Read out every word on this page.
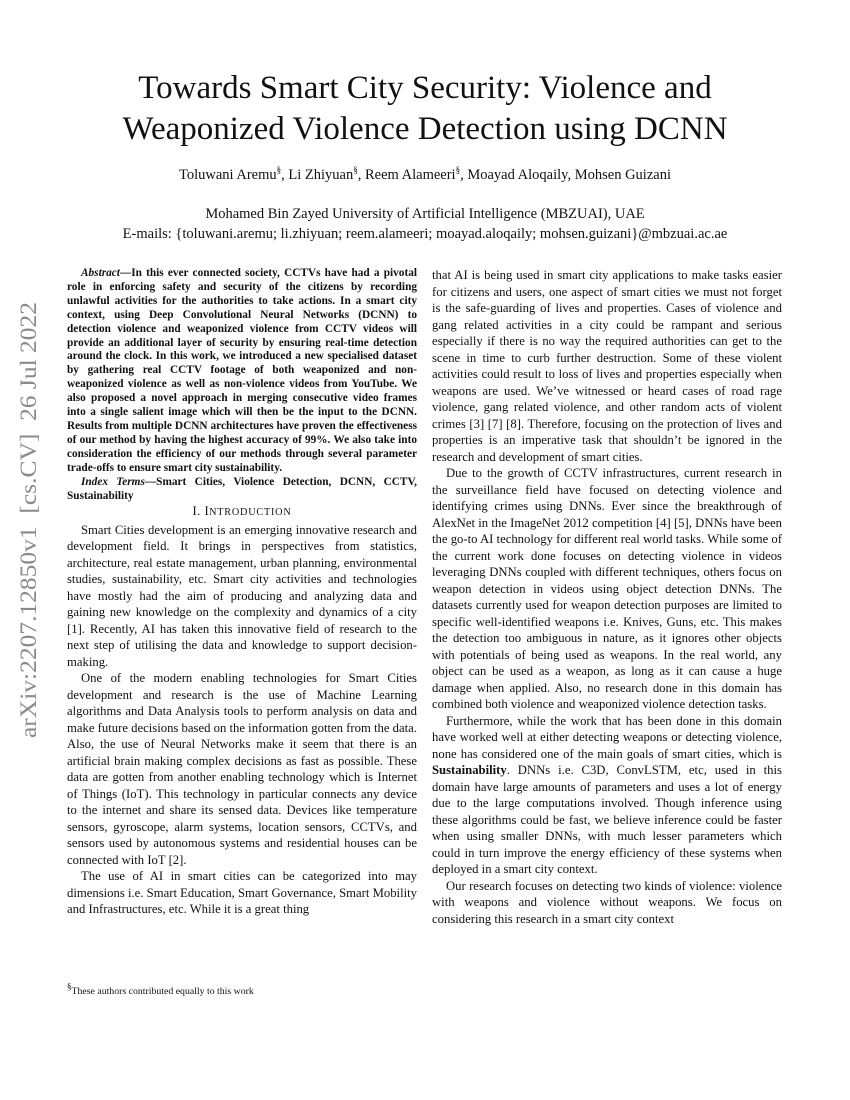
arXiv:2207.12850v1  [cs.CV]  26 Jul 2022
Towards Smart City Security: Violence and Weaponized Violence Detection using DCNN

Toluwani Aremu§, Li Zhiyuan§, Reem Alameeri§, Moayad Aloqaily, Mohsen Guizani

Mohamed Bin Zayed University of Artificial Intelligence (MBZUAI), UAE
E-mails: {toluwani.aremu; li.zhiyuan; reem.alameeri; moayad.aloqaily; mohsen.guizani}@mbzuai.ac.ae

Abstract—In this ever connected society, CCTVs have had a pivotal role in enforcing safety and security of the citizens by recording unlawful activities for the authorities to take actions. In a smart city context, using Deep Convolutional Neural Networks (DCNN) to detection violence and weaponized violence from CCTV videos will provide an additional layer of security by ensuring real-time detection around the clock. In this work, we introduced a new specialised dataset by gathering real CCTV footage of both weaponized and non-weaponized violence as well as non-violence videos from YouTube. We also proposed a novel approach in merging consecutive video frames into a single salient image which will then be the input to the DCNN. Results from multiple DCNN architectures have proven the effectiveness of our method by having the highest accuracy of 99%. We also take into consideration the efficiency of our methods through several parameter trade-offs to ensure smart city sustainability.

Index Terms—Smart Cities, Violence Detection, DCNN, CCTV, Sustainability

I. INTRODUCTION

Smart Cities development is an emerging innovative research and development field. It brings in perspectives from statistics, architecture, real estate management, urban planning, environmental studies, sustainability, etc. Smart city activities and technologies have mostly had the aim of producing and analyzing data and gaining new knowledge on the complexity and dynamics of a city [1]. Recently, AI has taken this innovative field of research to the next step of utilising the data and knowledge to support decision-making.

One of the modern enabling technologies for Smart Cities development and research is the use of Machine Learning algorithms and Data Analysis tools to perform analysis on data and make future decisions based on the information gotten from the data. Also, the use of Neural Networks make it seem that there is an artificial brain making complex decisions as fast as possible. These data are gotten from another enabling technology which is Internet of Things (IoT). This technology in particular connects any device to the internet and share its sensed data. Devices like temperature sensors, gyroscope, alarm systems, location sensors, CCTVs, and sensors used by autonomous systems and residential houses can be connected with IoT [2].

The use of AI in smart cities can be categorized into may dimensions i.e. Smart Education, Smart Governance, Smart Mobility and Infrastructures, etc. While it is a great thing

§These authors contributed equally to this work

that AI is being used in smart city applications to make tasks easier for citizens and users, one aspect of smart cities we must not forget is the safe-guarding of lives and properties. Cases of violence and gang related activities in a city could be rampant and serious especially if there is no way the required authorities can get to the scene in time to curb further destruction. Some of these violent activities could result to loss of lives and properties especially when weapons are used. We’ve witnessed or heard cases of road rage violence, gang related violence, and other random acts of violent crimes [3] [7] [8]. Therefore, focusing on the protection of lives and properties is an imperative task that shouldn’t be ignored in the research and development of smart cities.

Due to the growth of CCTV infrastructures, current research in the surveillance field have focused on detecting violence and identifying crimes using DNNs. Ever since the breakthrough of AlexNet in the ImageNet 2012 competition [4] [5], DNNs have been the go-to AI technology for different real world tasks. While some of the current work done focuses on detecting violence in videos leveraging DNNs coupled with different techniques, others focus on weapon detection in videos using object detection DNNs. The datasets currently used for weapon detection purposes are limited to specific well-identified weapons i.e. Knives, Guns, etc. This makes the detection too ambiguous in nature, as it ignores other objects with potentials of being used as weapons. In the real world, any object can be used as a weapon, as long as it can cause a huge damage when applied. Also, no research done in this domain has combined both violence and weaponized violence detection tasks.

Furthermore, while the work that has been done in this domain have worked well at either detecting weapons or detecting violence, none has considered one of the main goals of smart cities, which is Sustainability. DNNs i.e. C3D, ConvLSTM, etc, used in this domain have large amounts of parameters and uses a lot of energy due to the large computations involved. Though inference using these algorithms could be fast, we believe inference could be faster when using smaller DNNs, with much lesser parameters which could in turn improve the energy efficiency of these systems when deployed in a smart city context.

Our research focuses on detecting two kinds of violence: violence with weapons and violence without weapons. We focus on considering this research in a smart city context
